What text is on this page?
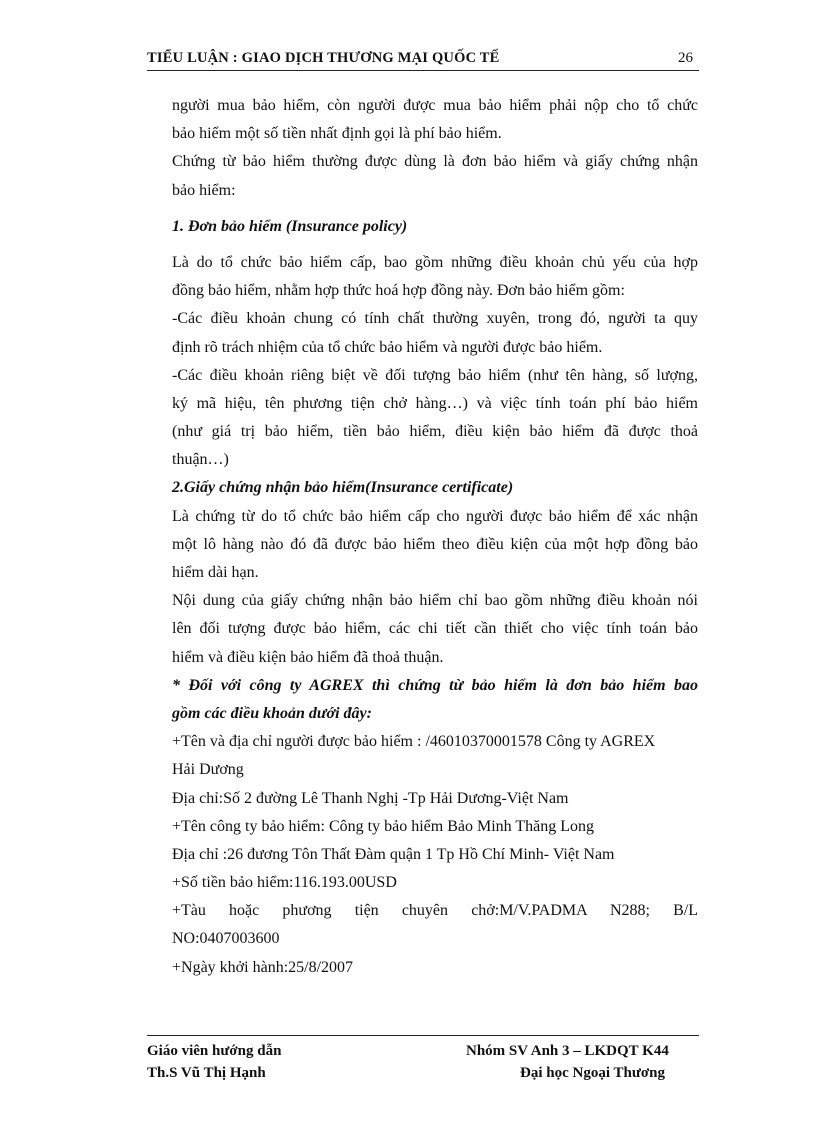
TIỂU LUẬN : GIAO DỊCH THƯƠNG MẠI QUỐC TẾ	26
người mua bảo hiểm, còn người được mua bảo hiểm phải nộp cho tổ chức
bảo hiểm một số tiền nhất định gọi là phí bảo hiểm.
Chứng từ bảo hiểm thường được dùng là đơn bảo hiểm và giấy chứng nhận
bảo hiểm:
1. Đơn bảo hiểm (Insurance policy)
Là do tổ chức bảo hiểm cấp, bao gồm những điều khoản chủ yếu của hợp
đồng bảo hiểm, nhằm hợp thức hoá hợp đồng này. Đơn bảo hiểm gồm:
-Các điều khoản chung có tính chất thường xuyên, trong đó, người ta quy
định rõ trách nhiệm của tổ chức bảo hiểm và người được bảo hiểm.
-Các điều khoản riêng biệt về đối tượng bảo hiểm (như tên hàng, số lượng,
ký mã hiệu, tên phương tiện chở hàng…) và việc tính toán phí bảo hiểm
(như giá trị bảo hiểm, tiền bảo hiểm, điều kiện bảo hiểm đã được thoả
thuận…)
2.Giấy chứng nhận bảo hiểm(Insurance certificate)
Là chứng từ do tổ chức bảo hiểm cấp cho người được bảo hiểm để xác nhận
một lô hàng nào đó đã được bảo hiểm theo điều kiện của một hợp đồng bảo
hiểm dài hạn.
Nội dung của giấy chứng nhận bảo hiểm chỉ bao gồm những điều khoản nói
lên đối tượng được bảo hiểm, các chi tiết cần thiết cho việc tính toán bảo
hiểm và điều kiện bảo hiểm đã thoả thuận.
* Đối với công ty AGREX thì chứng từ bảo hiểm là đơn bảo hiểm bao
gồm các điều khoản dưới đây:
+Tên và địa chỉ người được bảo hiểm : /46010370001578 Công ty AGREX
Hải Dương
Địa chỉ:Số 2 đường Lê Thanh Nghị -Tp Hải Dương-Việt Nam
+Tên công ty bảo hiểm: Công ty bảo hiểm Bảo Minh Thăng Long
Địa chỉ :26 đương Tôn Thất Đàm quận 1 Tp Hồ Chí Minh- Việt Nam
+Số tiền bảo hiểm:116.193.00USD
+Tàu hoặc phương tiện chuyên chở:M/V.PADMA N288; B/L
NO:0407003600
+Ngày khởi hành:25/8/2007
Giáo viên hướng dẫn
Th.S Vũ Thị Hạnh
Nhóm SV Anh 3 – LKDQT K44
Đại học Ngoại Thương
